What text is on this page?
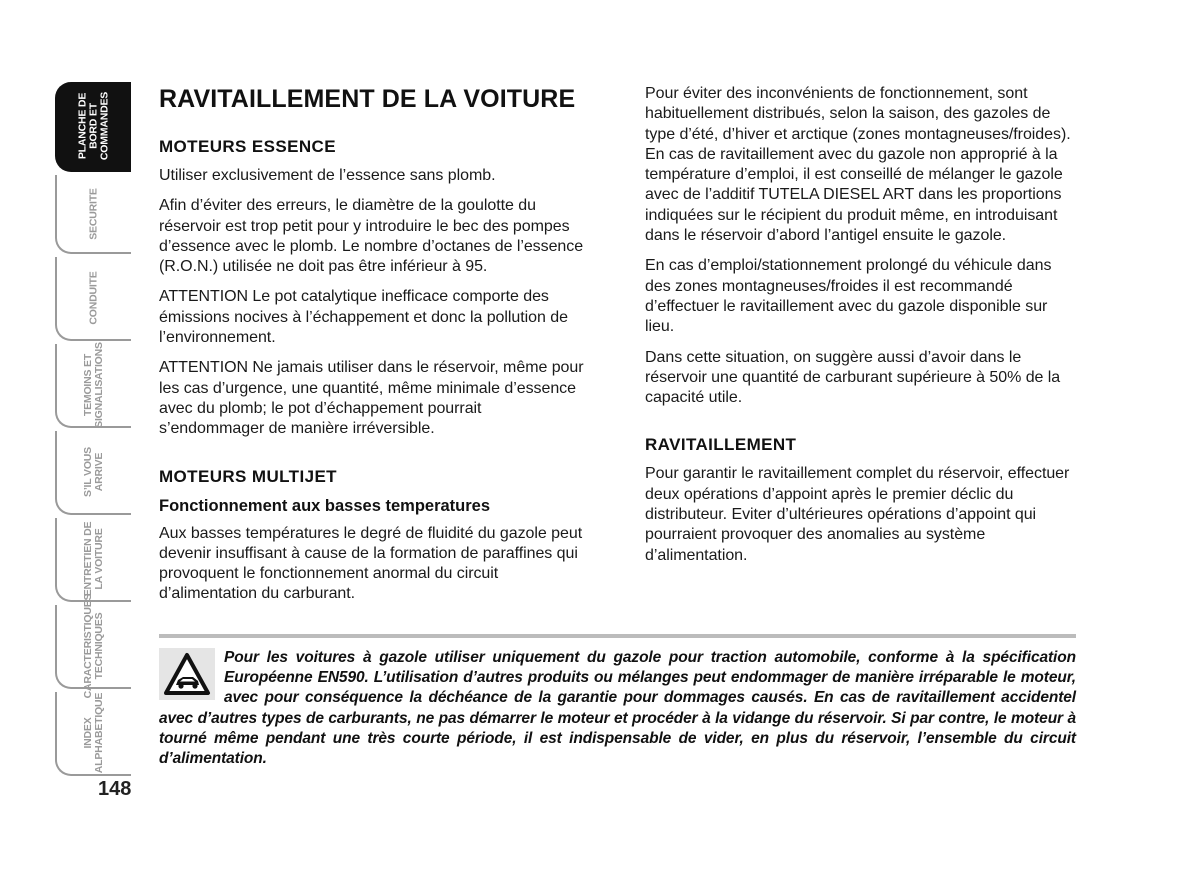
PLANCHE DE
BORD ET
COMMANDES
SECURITE
CONDUITE
TEMOINS ET
SIGNALISATIONS
S’IL VOUS
ARRIVE
ENTRETIEN DE
LA VOITURE
CARACTERISTIQUES
TECHNIQUES
INDEX
ALPHABETIQUE
148
RAVITAILLEMENT DE LA VOITURE
MOTEURS ESSENCE

Utiliser exclusivement de l’essence sans plomb.

Afin d’éviter des erreurs, le diamètre de la goulotte du réservoir est trop petit pour y introduire le bec des pompes d’essence avec le plomb. Le nombre d’octanes de l’essence (R.O.N.) utilisée ne doit pas être inférieur à 95.

ATTENTION Le pot catalytique inefficace comporte des émissions nocives à l’échappement et donc la pollution de l’environnement.

ATTENTION Ne jamais utiliser dans le réservoir, même pour les cas d’urgence, une quantité, même minimale d’essence avec du plomb; le pot d’échappement pourrait s’endommager de manière irréversible.

MOTEURS MULTIJET
Fonctionnement aux basses temperatures

Aux basses températures le degré de fluidité du gazole peut devenir insuffisant à cause de la formation de paraffines qui provoquent le fonctionnement anormal du circuit d’alimentation du carburant.

Pour éviter des inconvénients de fonctionnement, sont habituellement distribués, selon la saison, des gazoles de type d’été, d’hiver et arctique (zones montagneuses/froides). En cas de ravitaillement avec du gazole non approprié à la température d’emploi, il est conseillé de mélanger le gazole avec de l’additif TUTELA DIESEL ART dans les proportions indiquées sur le récipient du produit même, en introduisant dans le réservoir d’abord l’antigel ensuite le gazole.

En cas d’emploi/stationnement prolongé du véhicule dans des zones montagneuses/froides il est recommandé d’effectuer le ravitaillement avec du gazole disponible sur lieu.

Dans cette situation, on suggère aussi d’avoir dans le réservoir une quantité de carburant supérieure à 50% de la capacité utile.

RAVITAILLEMENT

Pour garantir le ravitaillement complet du réservoir, effectuer deux opérations d’appoint après le premier déclic du distributeur. Eviter d’ultérieures opérations d’appoint qui pourraient provoquer des anomalies au système d’alimentation.

Pour les voitures à gazole utiliser uniquement du gazole pour traction automobile, conforme à la spécification Européenne EN590. L’utilisation d’autres produits ou mélanges peut endommager de manière irréparable le moteur, avec pour conséquence la déchéance de la garantie pour dommages causés. En cas de ravitaillement accidentel avec d’autres types de carburants, ne pas démarrer le moteur et procéder à la vidange du réservoir. Si par contre, le moteur à tourné même pendant une très courte période, il est indispensable de vider, en plus du réservoir, l’ensemble du circuit d’alimentation.
